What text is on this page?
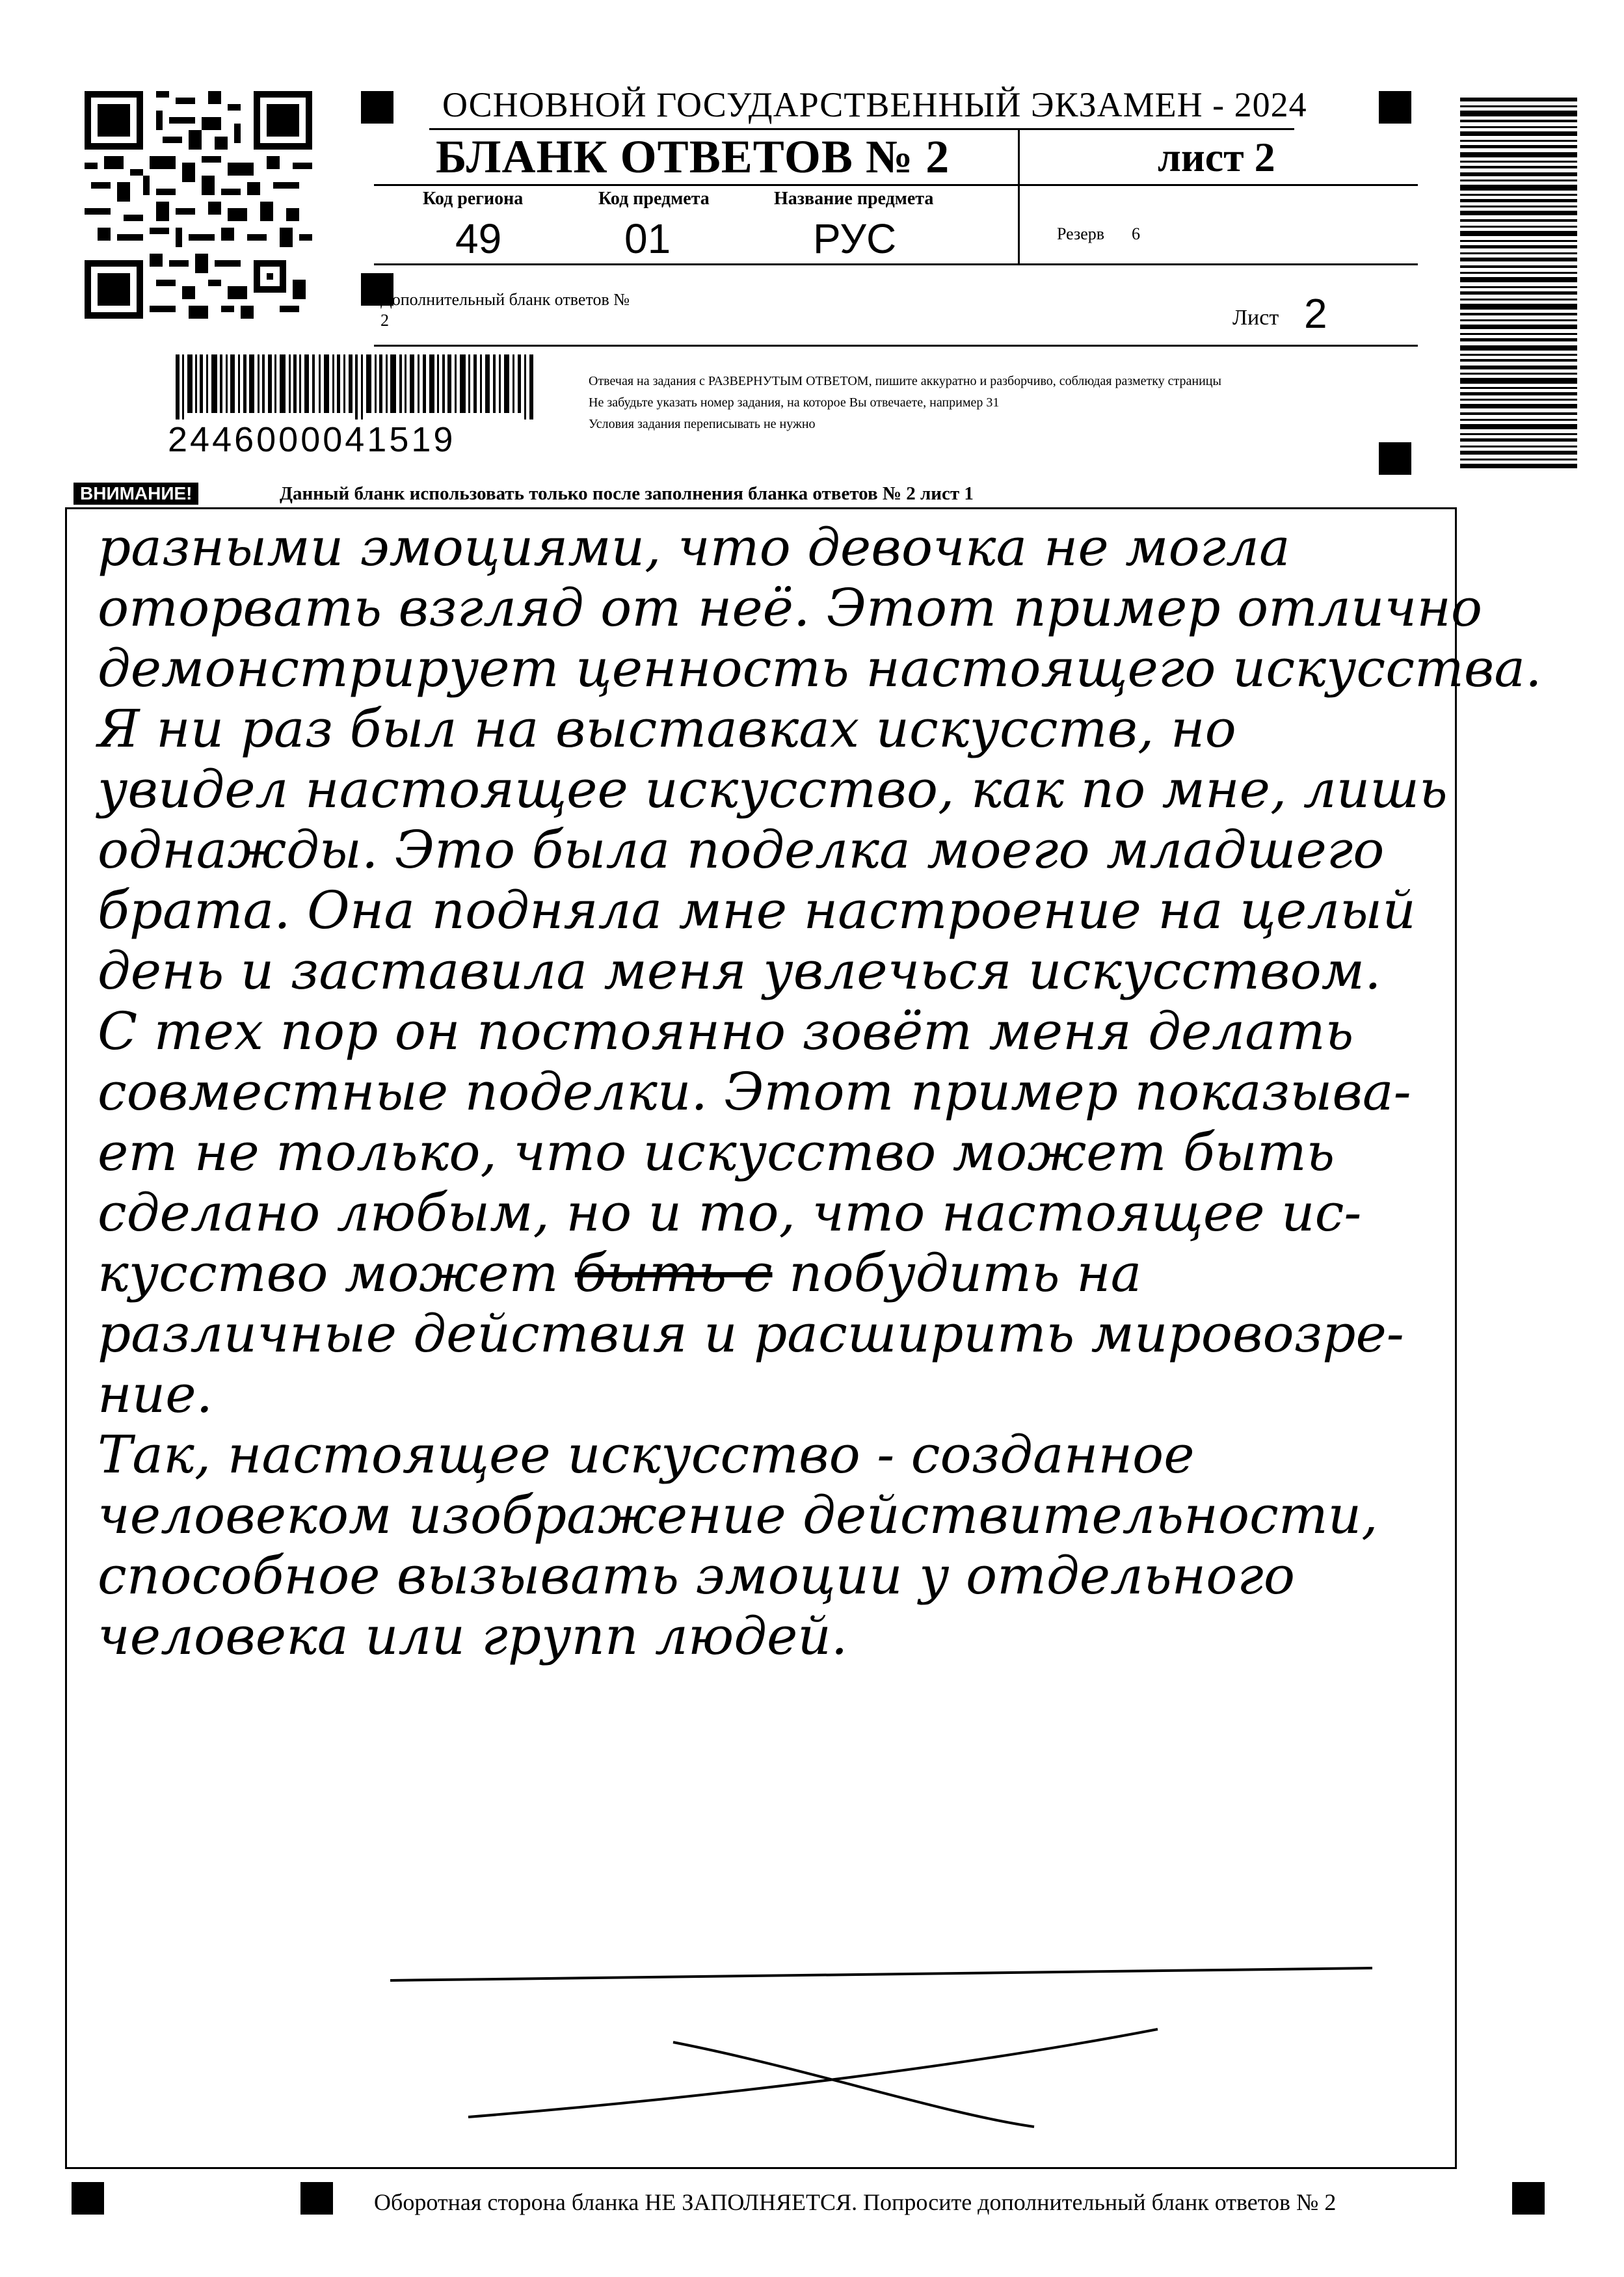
ОСНОВНОЙ ГОСУДАРСТВЕННЫЙ ЭКЗАМЕН - 2024
БЛАНК ОТВЕТОВ № 2	лист 2
Код региона
49
Код предмета
01
Название предмета
РУС	Резерв 6
Дополнительный бланк ответов № 2	Лист 2
2446000041519
Отвечая на задания с РАЗВЕРНУТЫМ ОТВЕТОМ, пишите аккуратно и разборчиво, соблюдая разметку страницы
Не забудьте указать номер задания, на которое Вы отвечаете, например 31
Условия задания переписывать не нужно
ВНИМАНИЕ!	Данный бланк использовать только после заполнения бланка ответов № 2 лист 1
разными эмоциями, что девочка не могла
оторвать взгляд от неё. Этот пример отлично
демонстрирует ценность настоящего искусства.
Я ни раз был на выставках искусств, но
увидел настоящее искусство, как по мне, лишь
однажды. Это была поделка моего младшего
брата. Она подняла мне настроение на целый
день и заставила меня увлечься искусством.
С тех пор он постоянно зовёт меня делать
совместные поделки. Этот пример показыва-
ет не только, что искусство может быть
сделано любым, но и то, что настоящее ис-
кусство может быть с побудить на
различные действия и расширить мировозре-
ние.
Так, настоящее искусство - созданное
человеком изображение действительности,
способное вызывать эмоции у отдельного
человека или групп людей.
Оборотная сторона бланка НЕ ЗАПОЛНЯЕТСЯ. Попросите дополнительный бланк ответов № 2
